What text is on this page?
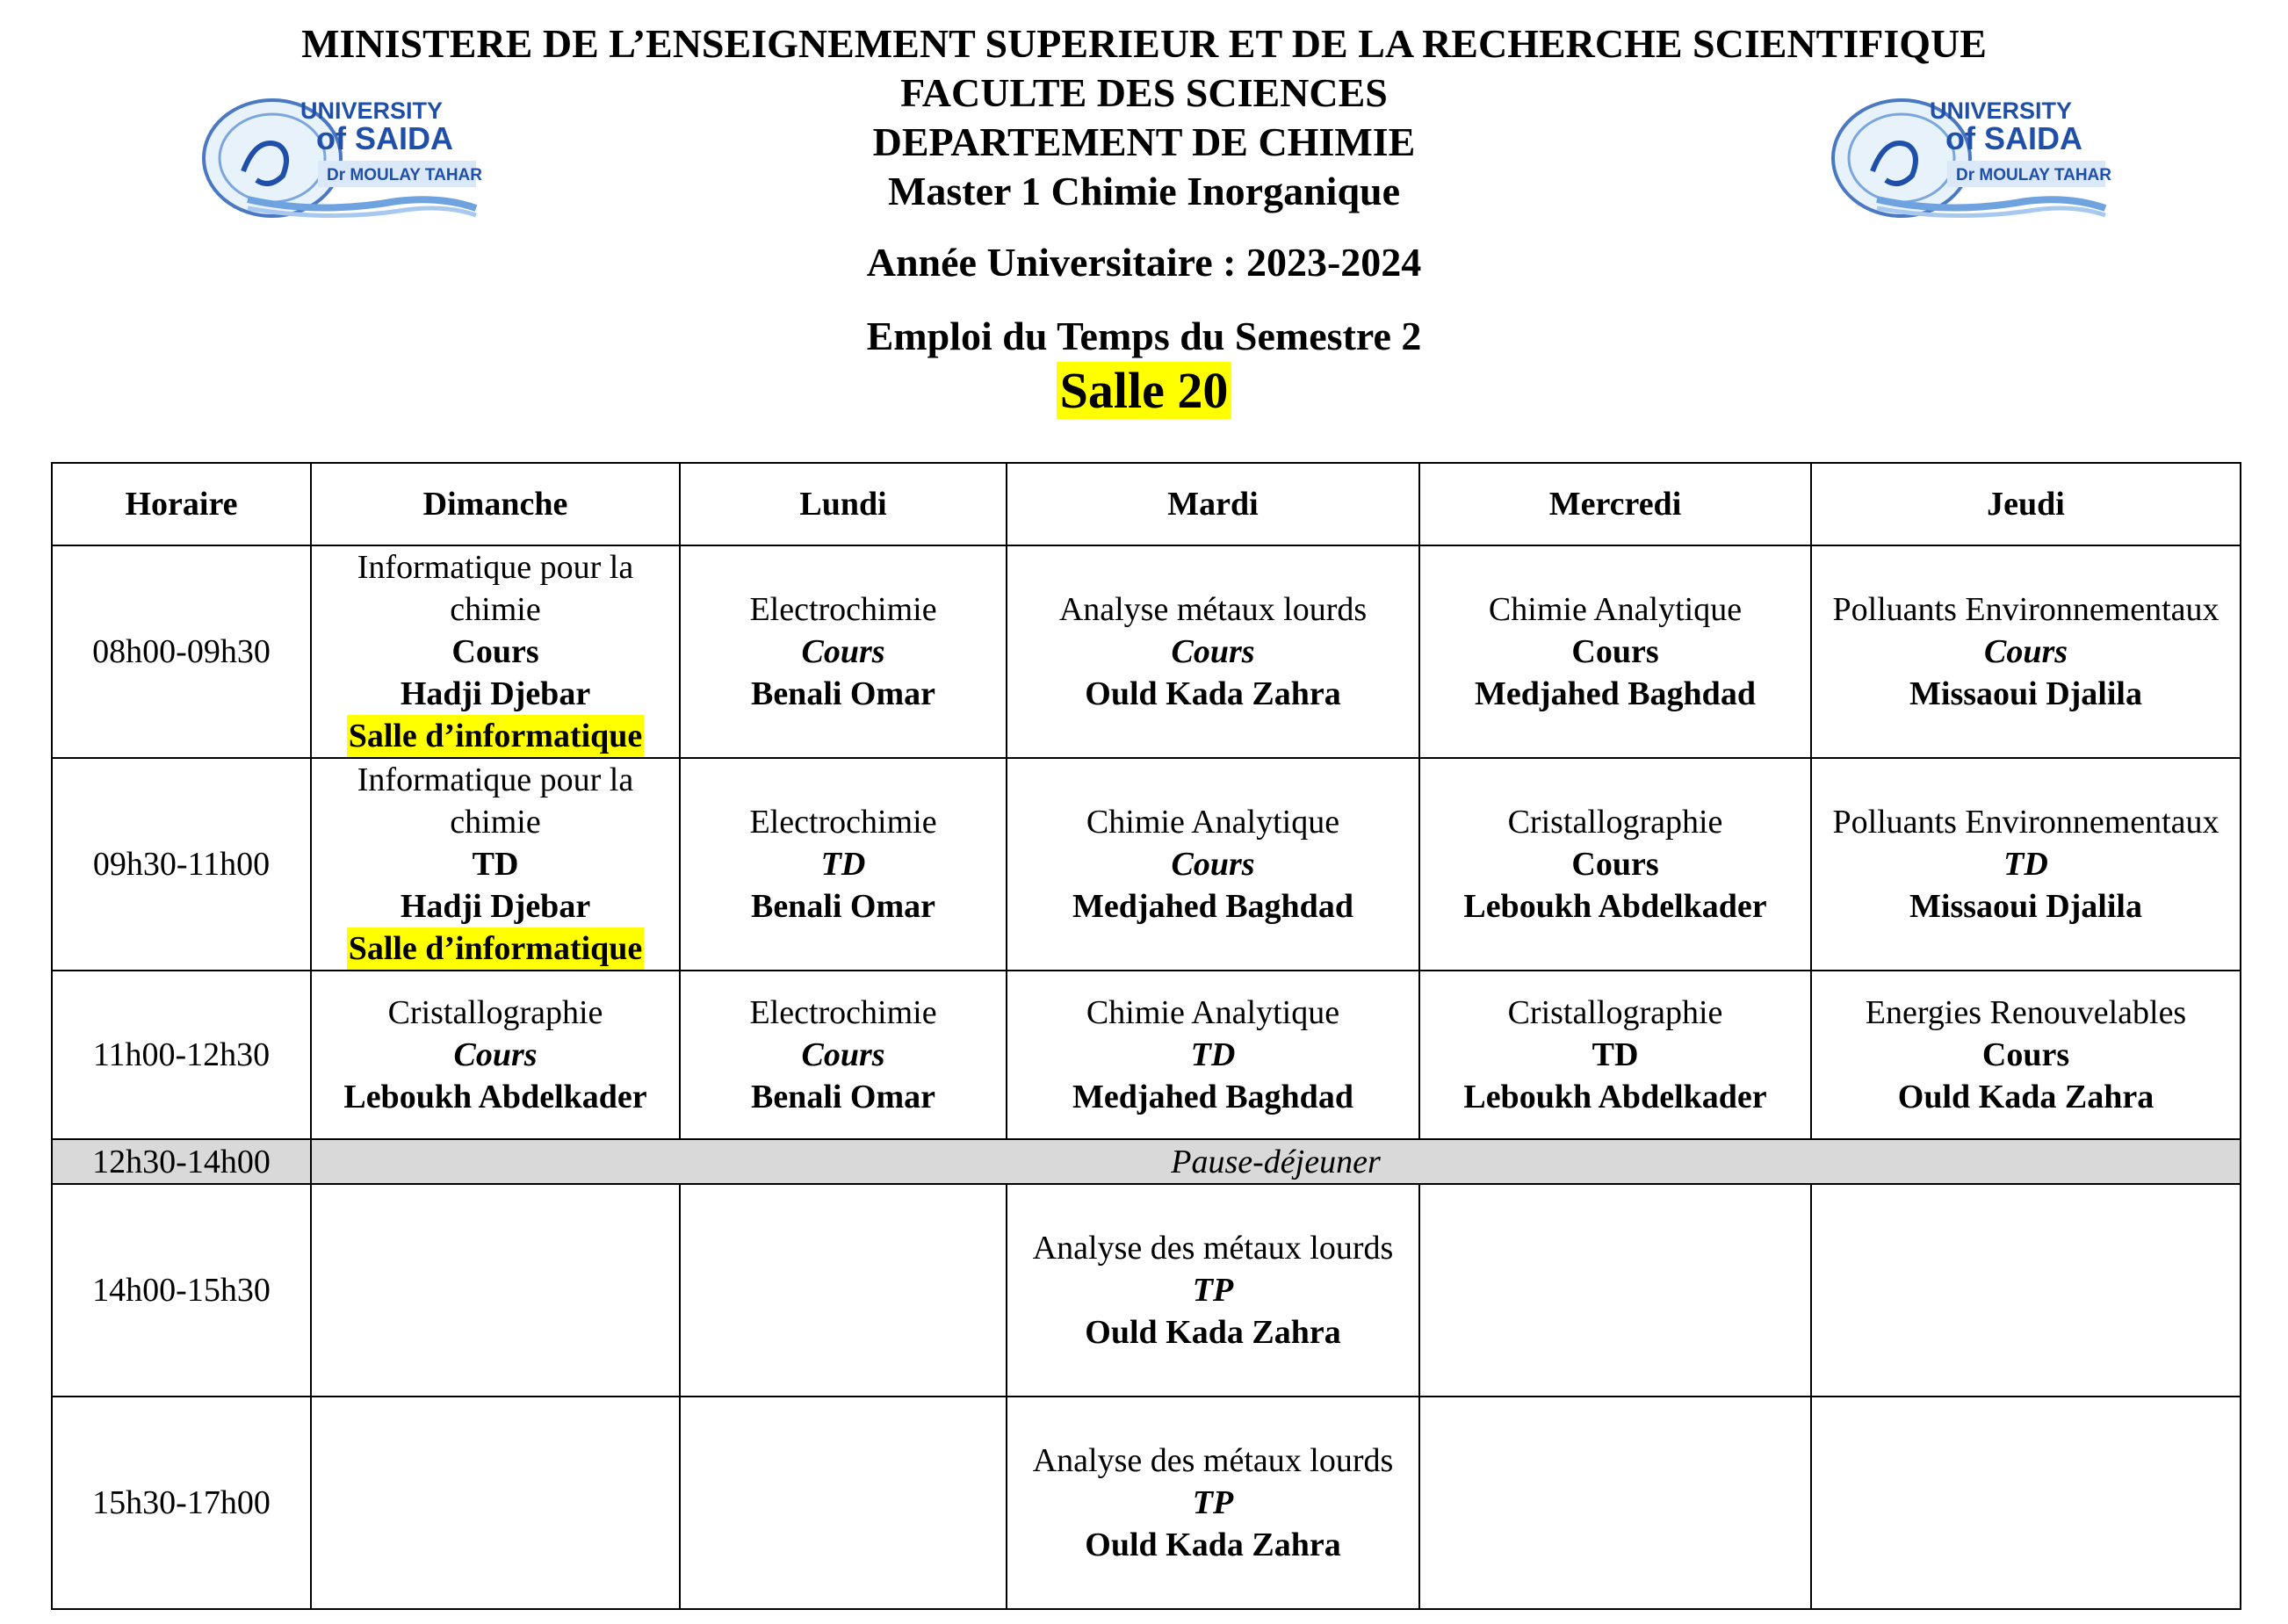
UNIVERSITY
of SAIDA
Dr MOULAY TAHAR
UNIVERSITY
of SAIDA
Dr MOULAY TAHAR
MINISTERE DE L’ENSEIGNEMENT SUPERIEUR ET DE LA RECHERCHE SCIENTIFIQUE
FACULTE DES SCIENCES
DEPARTEMENT DE CHIMIE
Master 1 Chimie Inorganique
Année Universitaire : 2023-2024
Emploi du Temps du Semestre 2
Salle 20
Horaire	Dimanche	Lundi	Mardi	Mercredi	Jeudi
08h00-09h30	Informatique pour la chimie
Cours
Hadji Djebar
Salle d’informatique	Electrochimie
Cours
Benali Omar	Analyse métaux lourds
Cours
Ould Kada Zahra	Chimie Analytique
Cours
Medjahed Baghdad	Polluants Environnementaux
Cours
Missaoui Djalila

09h30-11h00	Informatique pour la chimie
TD
Hadji Djebar
Salle d’informatique	Electrochimie
TD
Benali Omar	Chimie Analytique
Cours
Medjahed Baghdad	Cristallographie
Cours
Leboukh Abdelkader	Polluants Environnementaux
TD
Missaoui Djalila

11h00-12h30	Cristallographie
Cours
Leboukh Abdelkader	Electrochimie
Cours
Benali Omar	Chimie Analytique
TD
Medjahed Baghdad	Cristallographie
TD
Leboukh Abdelkader	Energies Renouvelables
Cours
Ould Kada Zahra

12h30-14h00	Pause-déjeuner				
14h00-15h30			Analyse des métaux lourds
TP
Ould Kada Zahra		

15h30-17h00			Analyse des métaux lourds
TP
Ould Kada Zahra		
